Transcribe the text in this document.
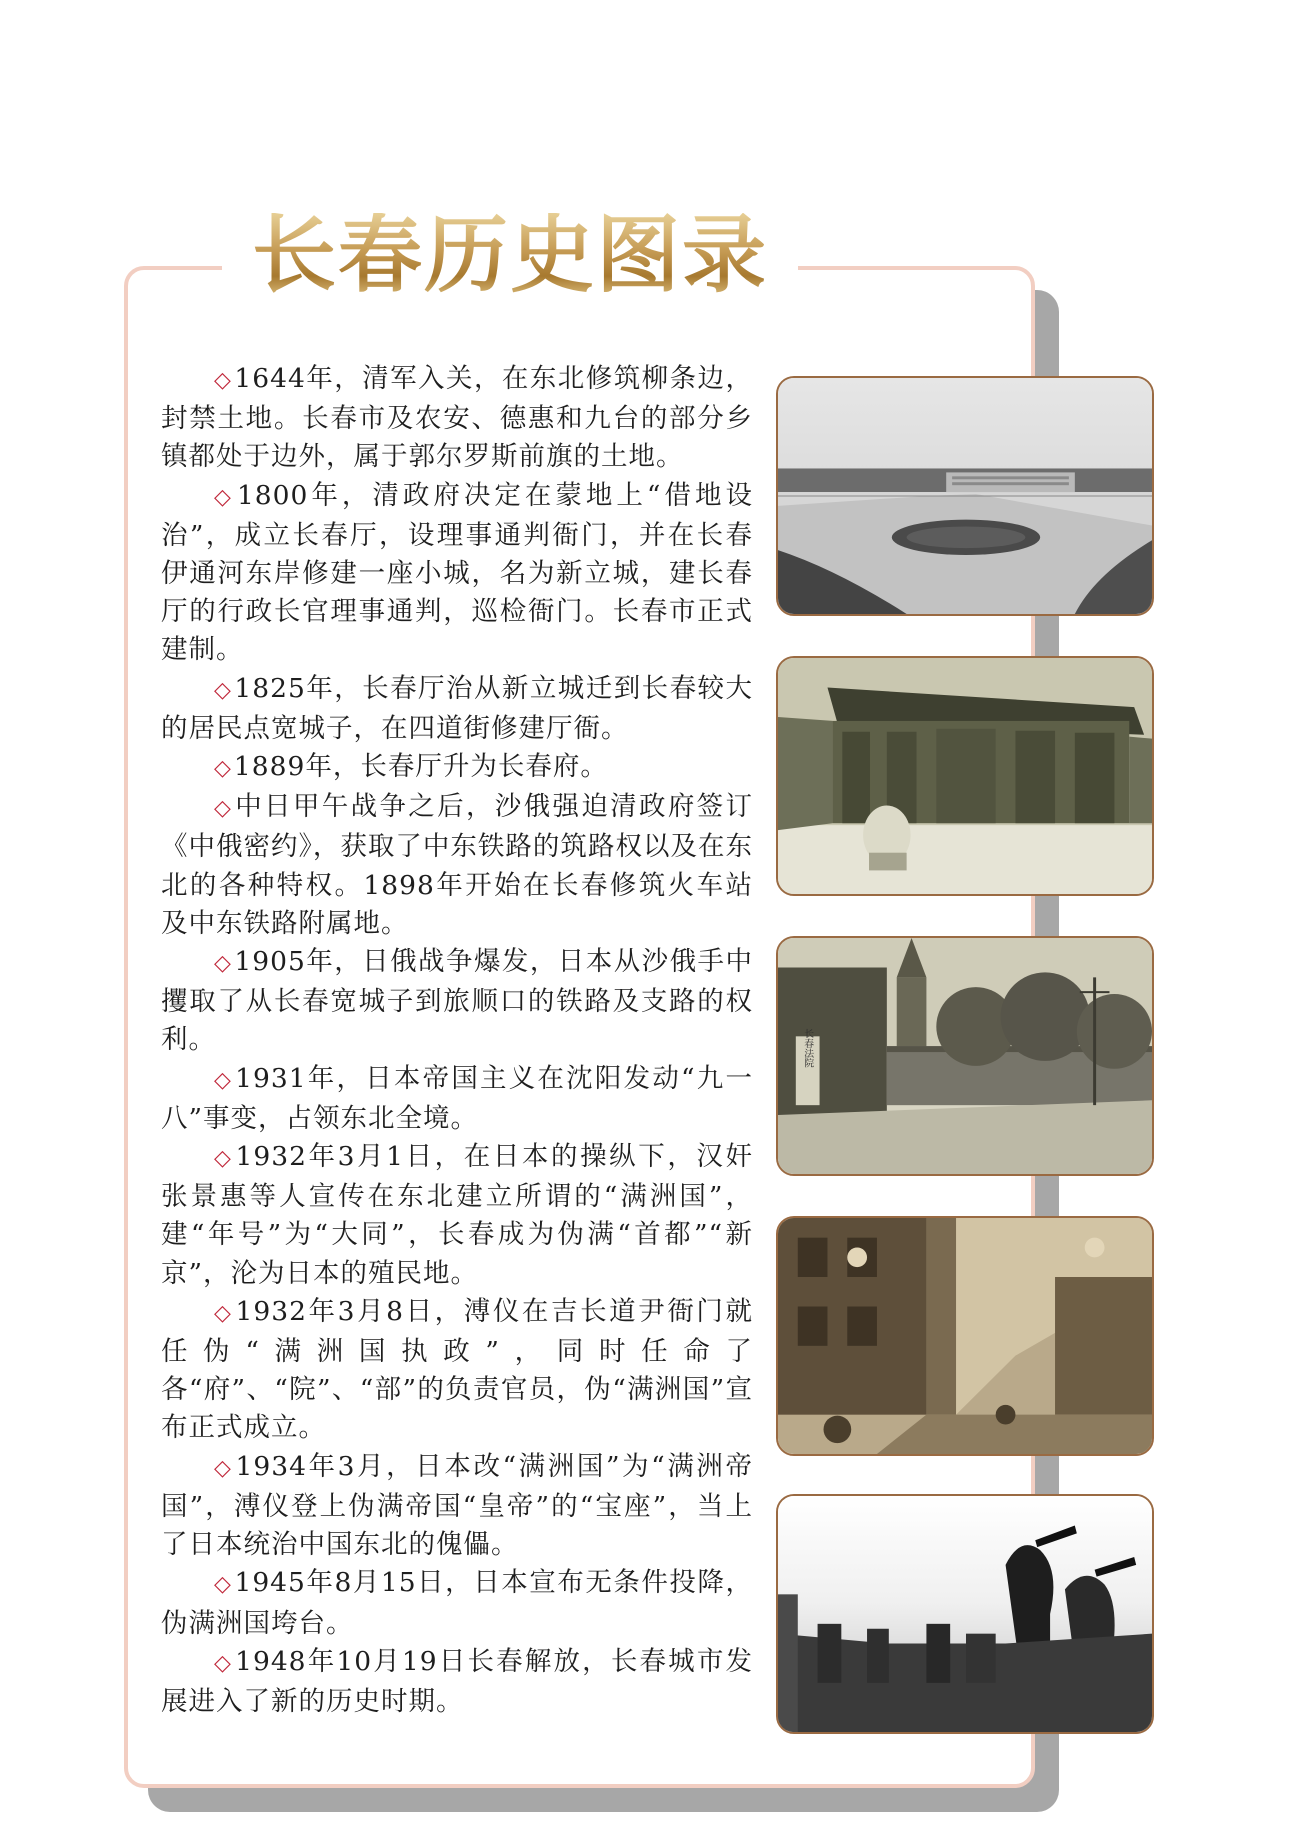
长春历史图录

◇1644年，清军入关，在东北修筑柳条边，封禁土地。长春市及农安、德惠和九台的部分乡镇都处于边外，属于郭尔罗斯前旗的土地。

◇1800年，清政府决定在蒙地上“借地设治”，成立长春厅，设理事通判衙门，并在长春伊通河东岸修建一座小城，名为新立城，建长春厅的行政长官理事通判，巡检衙门。长春市正式建制。

◇1825年，长春厅治从新立城迁到长春较大的居民点宽城子，在四道街修建厅衙。

◇1889年，长春厅升为长春府。

◇中日甲午战争之后，沙俄强迫清政府签订《中俄密约》，获取了中东铁路的筑路权以及在东北的各种特权。1898年开始在长春修筑火车站及中东铁路附属地。

◇1905年，日俄战争爆发，日本从沙俄手中攫取了从长春宽城子到旅顺口的铁路及支路的权利。

◇1931年，日本帝国主义在沈阳发动“九一八”事变，占领东北全境。

◇1932年3月1日，在日本的操纵下，汉奸张景惠等人宣传在东北建立所谓的“满洲国”，建“年号”为“大同”，长春成为伪满“首都”“新京”，沦为日本的殖民地。

◇1932年3月8日，溥仪在吉长道尹衙门就任伪“满洲国执政”，同时任命了各“府”、“院”、“部”的负责官员，伪“满洲国”宣布正式成立。

◇1934年3月，日本改“满洲国”为“满洲帝国”，溥仪登上伪满帝国“皇帝”的“宝座”，当上了日本统治中国东北的傀儡。

◇1945年8月15日，日本宣布无条件投降，伪满洲国垮台。

◇1948年10月19日长春解放，长春城市发展进入了新的历史时期。

长春法院
